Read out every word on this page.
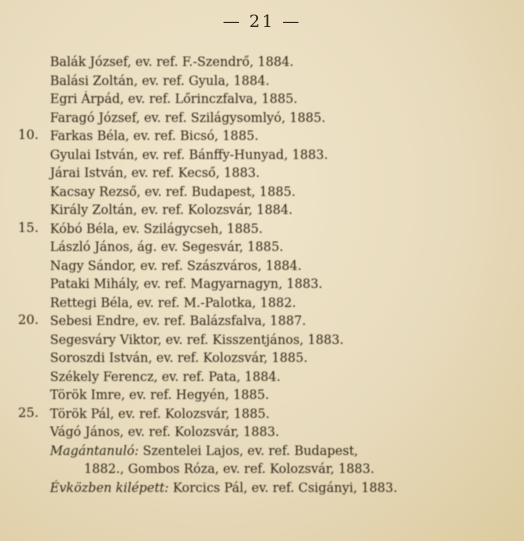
— 21 —
Balák József, ev. ref. F.-Szendrő, 1884.
Balási Zoltán, ev. ref. Gyula, 1884.
Egri Árpád, ev. ref. Lőrinczfalva, 1885.
Faragó József, ev. ref. Szilágysomlyó, 1885.
10. Farkas Béla, ev. ref. Bicsó, 1885.
Gyulai István, ev. ref. Bánffy-Hunyad, 1883.
Járai István, ev. ref. Kecső, 1883.
Kacsay Rezső, ev. ref. Budapest, 1885.
Király Zoltán, ev. ref. Kolozsvár, 1884.
15. Kóbó Béla, ev. Szilágycseh, 1885.
László János, ág. ev. Segesvár, 1885.
Nagy Sándor, ev. ref. Szászváros, 1884.
Pataki Mihály, ev. ref. Magyarnagyn, 1883.
Rettegi Béla, ev. ref. M.-Palotka, 1882.
20. Sebesi Endre, ev. ref. Balázsfalva, 1887.
Segesváry Viktor, ev. ref. Kisszentjános, 1883.
Soroszdi István, ev. ref. Kolozsvár, 1885.
Székely Ferencz, ev. ref. Pata, 1884.
Török Imre, ev. ref. Hegyén, 1885.
25. Török Pál, ev. ref. Kolozsvár, 1885.
Vágó János, ev. ref. Kolozsvár, 1883.
Magántanuló: Szentelei Lajos, ev. ref. Budapest,
1882., Gombos Róza, ev. ref. Kolozsvár, 1883.
Évközben kilépett: Korcics Pál, ev. ref. Csigányi, 1883.
